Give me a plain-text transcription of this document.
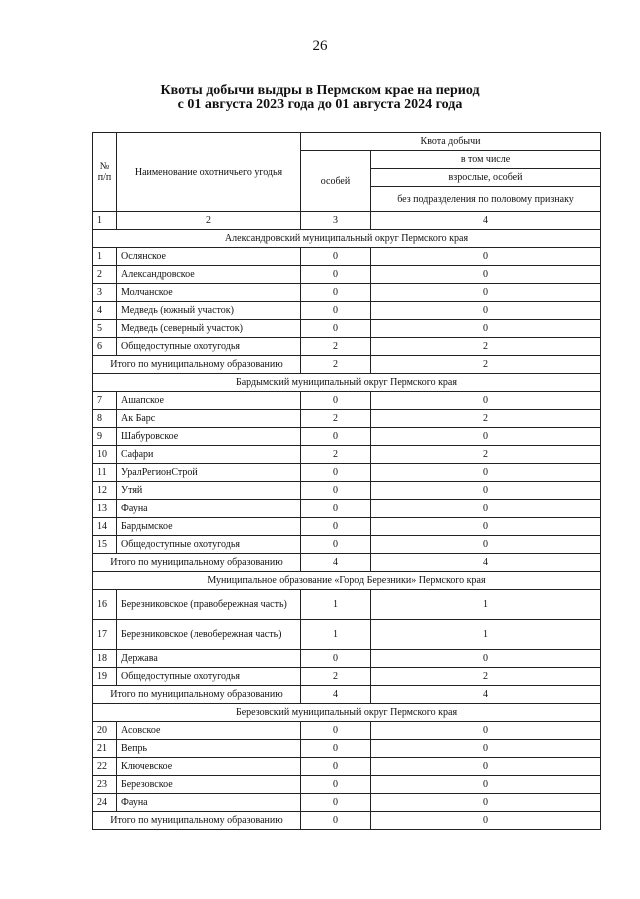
26
Квоты добычи выдры в Пермском крае на период
с 01 августа 2023 года до 01 августа 2024 года
№ п/п	Наименование охотничьего угодья	Квота добычи	
		особей	в том числе
			взрослые, особей
			без подразделения по половому признаку
1	2	3	4
Александровский муниципальный округ Пермского края			
1	Ослянское	0	0
2	Александровское	0	0
3	Молчанское	0	0
4	Медведь (южный участок)	0	0
5	Медведь (северный участок)	0	0
6	Общедоступные охотугодья	2	2
Итого по муниципальному образованию		2	2
Бардымский муниципальный округ Пермского края			
7	Ашапское	0	0
8	Ак Барс	2	2
9	Шабуровское	0	0
10	Сафари	2	2
11	УралРегионСтрой	0	0
12	Утяй	0	0
13	Фауна	0	0
14	Бардымское	0	0
15	Общедоступные охотугодья	0	0
Итого по муниципальному образованию		4	4
Муниципальное образование «Город Березники» Пермского края			
16	Березниковское (правобережная часть)	1	1
17	Березниковское (левобережная часть)	1	1
18	Держава	0	0
19	Общедоступные охотугодья	2	2
Итого по муниципальному образованию		4	4
Березовский муниципальный округ Пермского края			
20	Асовское	0	0
21	Вепрь	0	0
22	Ключевское	0	0
23	Березовское	0	0
24	Фауна	0	0
Итого по муниципальному образованию		0	0
